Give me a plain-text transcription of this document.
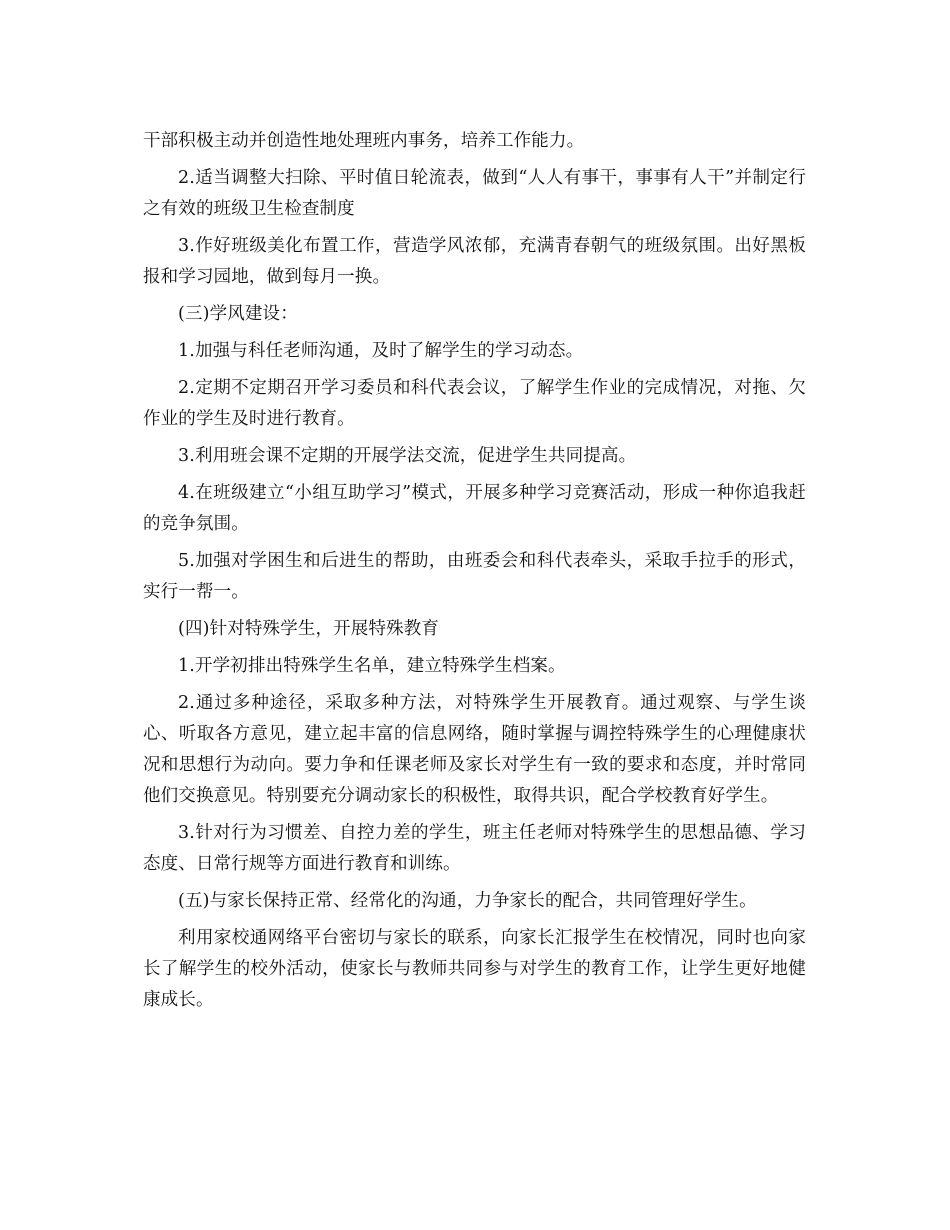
干部积极主动并创造性地处理班内事务，培养工作能力。

2.适当调整大扫除、平时值日轮流表，做到“人人有事干，事事有人干”并制定行之有效的班级卫生检查制度

3.作好班级美化布置工作，营造学风浓郁，充满青春朝气的班级氛围。出好黑板报和学习园地，做到每月一换。

(三)学风建设：

1.加强与科任老师沟通，及时了解学生的学习动态。

2.定期不定期召开学习委员和科代表会议，了解学生作业的完成情况，对拖、欠作业的学生及时进行教育。

3.利用班会课不定期的开展学法交流，促进学生共同提高。

4.在班级建立“小组互助学习”模式，开展多种学习竞赛活动，形成一种你追我赶的竞争氛围。

5.加强对学困生和后进生的帮助，由班委会和科代表牵头，采取手拉手的形式，实行一帮一。

(四)针对特殊学生，开展特殊教育

1.开学初排出特殊学生名单，建立特殊学生档案。

2.通过多种途径，采取多种方法，对特殊学生开展教育。通过观察、与学生谈心、听取各方意见，建立起丰富的信息网络，随时掌握与调控特殊学生的心理健康状况和思想行为动向。要力争和任课老师及家长对学生有一致的要求和态度，并时常同他们交换意见。特别要充分调动家长的积极性，取得共识，配合学校教育好学生。

3.针对行为习惯差、自控力差的学生，班主任老师对特殊学生的思想品德、学习态度、日常行规等方面进行教育和训练。

(五)与家长保持正常、经常化的沟通，力争家长的配合，共同管理好学生。

利用家校通网络平台密切与家长的联系，向家长汇报学生在校情况，同时也向家长了解学生的校外活动，使家长与教师共同参与对学生的教育工作，让学生更好地健康成长。
